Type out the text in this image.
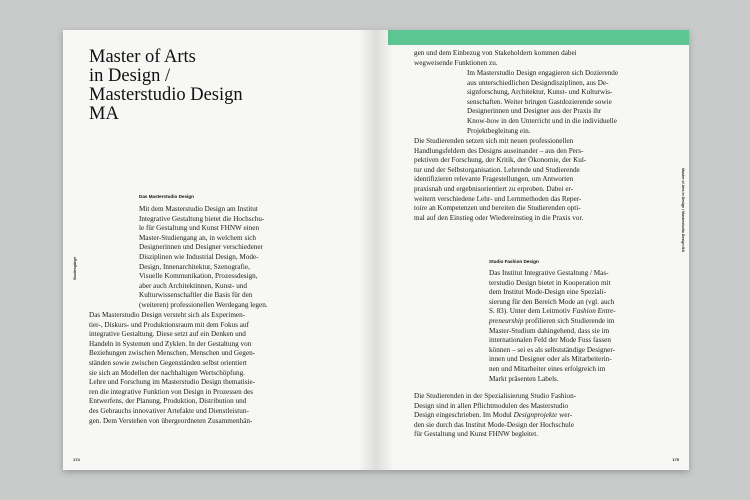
Master of Arts
in Design /
Masterstudio Design
MA
Studiengänge
Das Masterstudio Design
Mit dem Masterstudio Design am Institut
Integrative Gestaltung bietet die Hochschu-
le für Gestaltung und Kunst FHNW einen
Master-Studiengang an, in welchem sich
Designerinnen und Designer verschiedener
Disziplinen wie Industrial Design, Mode-
Design, Innenarchitektur, Szenografie,
Visuelle Kommunikation, Prozessdesign,
aber auch Architektinnen, Kunst- und
Kulturwissenschaftler die Basis für den
(weiteren) professionellen Werdegang legen.
Das Masterstudio Design versteht sich als Experimen-
tier-, Diskurs- und Produktionsraum mit dem Fokus auf
integrative Gestaltung. Diese setzt auf ein Denken und
Handeln in Systemen und Zyklen. In der Gestaltung von
Beziehungen zwischen Menschen, Menschen und Gegen-
ständen sowie zwischen Gegenständen selbst orientiert
sie sich an Modellen der nachhaltigen Wertschöpfung.
Lehre und Forschung im Masterstudio Design thematisie-
ren die integrative Funktion von Design in Prozessen des
Entwerfens, der Planung, Produktion, Distribution und
des Gebrauchs innovativer Artefakte und Dienstleistun-
gen. Dem Verstehen von übergeordneten Zusammenhän-
174
Master of Arts in Design / Masterstudio Design MA
gen und dem Einbezug von Stakeholdern kommen dabei
wegweisende Funktionen zu.
Im Masterstudio Design engagieren sich Dozierende
aus unterschiedlichen Designdisziplinen, aus De-
signforschung, Architektur, Kunst- und Kulturwis-
senschaften. Weiter bringen Gastdozierende sowie
Designerinnen und Designer aus der Praxis ihr
Know-how in den Unterricht und in die individuelle
Projektbegleitung ein.
Die Studierenden setzen sich mit neuen professionellen
Handlungsfeldern des Designs auseinander – aus den Pers-
pektiven der Forschung, der Kritik, der Ökonomie, der Kul-
tur und der Selbstorganisation. Lehrende und Studierende
identifizieren relevante Fragestellungen, um Antworten
praxisnah und ergebnisorientiert zu erproben. Dabei er-
weitern verschiedene Lehr- und Lernmethoden das Reper-
toire an Kompetenzen und bereiten die Studierenden opti-
mal auf den Einstieg oder Wiedereinstieg in die Praxis vor.
Studio Fashion Design
Das Institut Integrative Gestaltung / Mas-
terstudio Design bietet in Kooperation mit
dem Institut Mode-Design eine Speziali-
sierung für den Bereich Mode an (vgl. auch
S. 83). Unter dem Leitmotiv Fashion Entre-
preneurship profilieren sich Studierende im
Master-Studium dahingehend, dass sie im
internationalen Feld der Mode Fuss fassen
können – sei es als selbstständige Designer-
innen und Designer oder als Mitarbeiterin-
nen und Mitarbeiter eines erfolgreich im
Markt präsenten Labels.
Die Studierenden in der Spezialisierung Studio Fashion-
Design sind in allen Pflichtmodulen des Masterstudio
Design eingeschrieben. Im Modul Designprojekte wer-
den sie durch das Institut Mode-Design der Hochschule
für Gestaltung und Kunst FHNW begleitet.
175
